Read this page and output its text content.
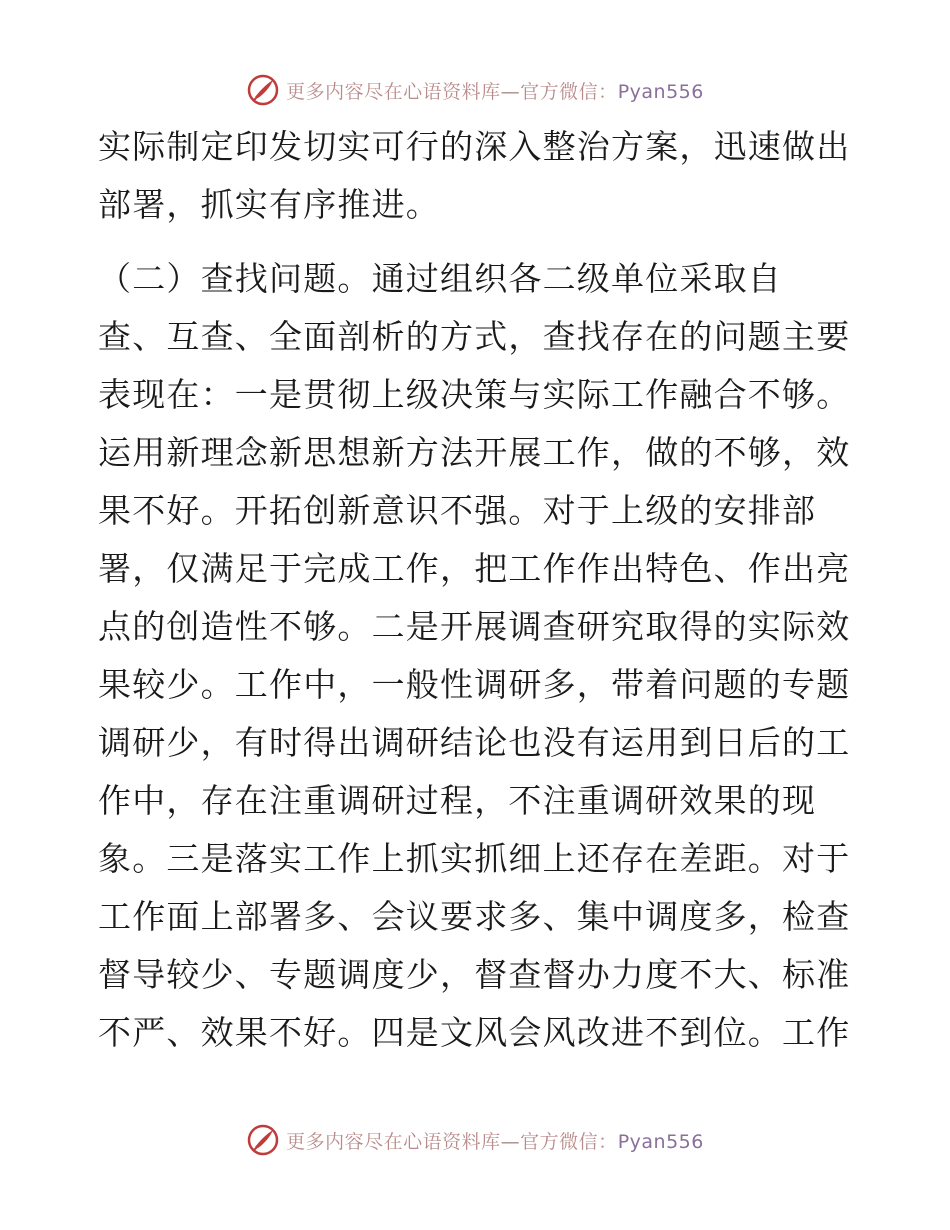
更多内容尽在心语资料库—官方微信：Pyan556
实际制定印发切实可行的深入整治方案，迅速做出
部署，抓实有序推进。
（二）查找问题。通过组织各二级单位采取自
查、互查、全面剖析的方式，查找存在的问题主要
表现在：一是贯彻上级决策与实际工作融合不够。
运用新理念新思想新方法开展工作，做的不够，效
果不好。开拓创新意识不强。对于上级的安排部
署，仅满足于完成工作，把工作作出特色、作出亮
点的创造性不够。二是开展调查研究取得的实际效
果较少。工作中，一般性调研多，带着问题的专题
调研少，有时得出调研结论也没有运用到日后的工
作中，存在注重调研过程，不注重调研效果的现
象。三是落实工作上抓实抓细上还存在差距。对于
工作面上部署多、会议要求多、集中调度多，检查
督导较少、专题调度少，督查督办力度不大、标准
不严、效果不好。四是文风会风改进不到位。工作
更多内容尽在心语资料库—官方微信：Pyan556
